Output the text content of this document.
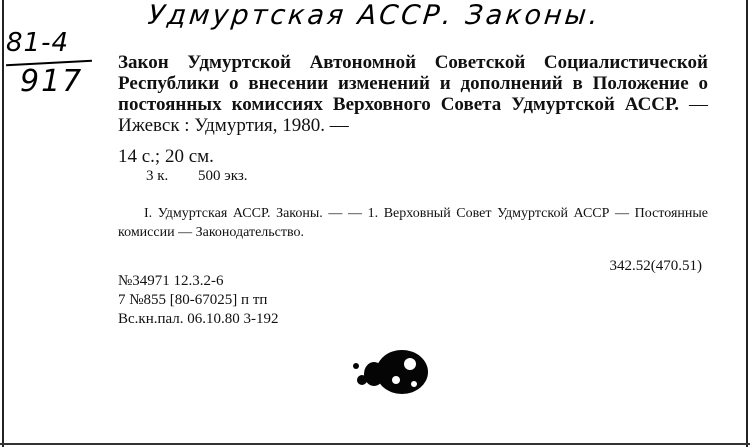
Удмуртская АССР. Законы.
81-4
917
Закон Удмуртской Автономной Советской Социалистической Республики о внесении изменений и дополнений в Положение о постоянных комиссиях Верховного Совета Удмуртской АССР. — Ижевск : Удмуртия, 1980. —
14 с.; 20 см.
3 к. 500 экз.
I. Удмуртская АССР. Законы. — — 1. Верховный Совет Удмуртской АССР — Постоянные комиссии — Законодательство.
342.52(470.51)
№34971 12.3.2-6
7 №855 [80-67025] п тп
Вс.кн.пал. 06.10.80 3-192
